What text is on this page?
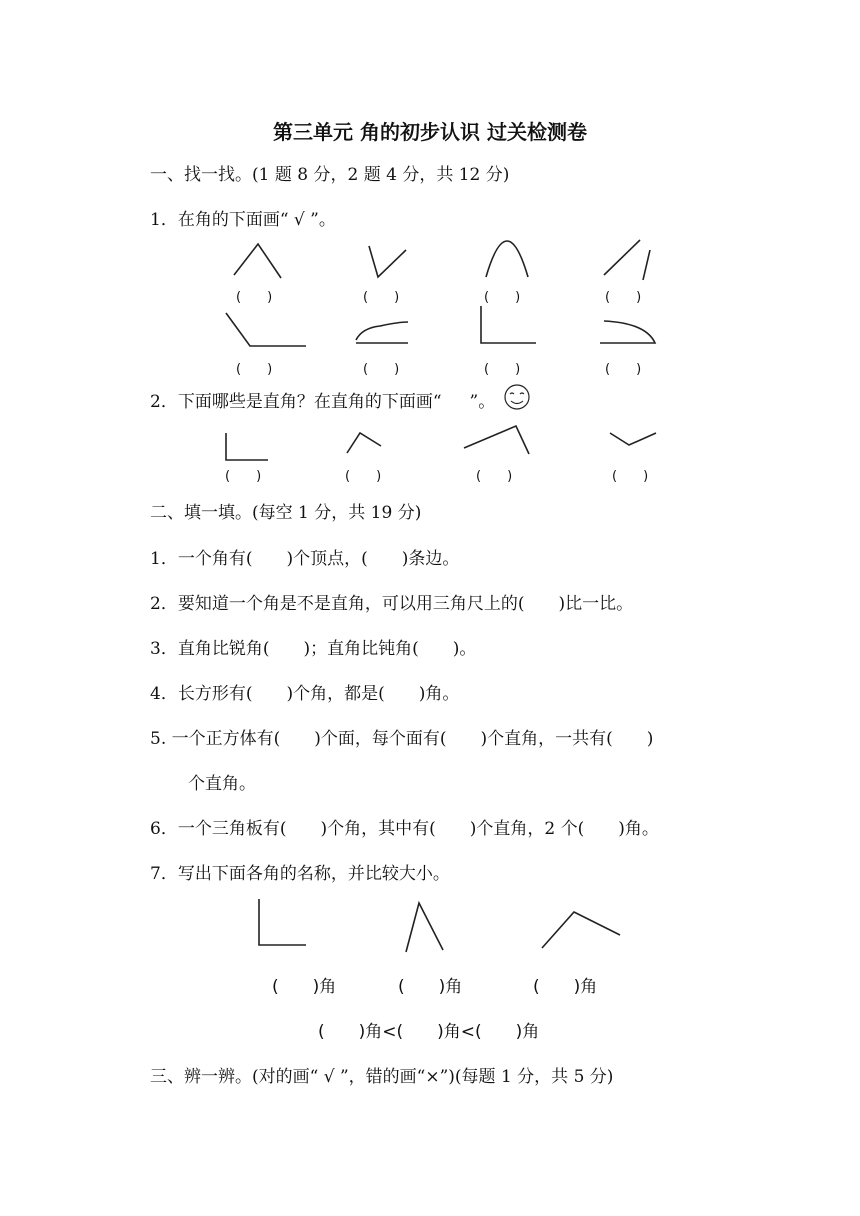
第三单元 角的初步认识 过关检测卷
一、找一找。(1 题 8 分，2 题 4 分，共 12 分)
1．在角的下面画“ √ ”。
(　　)	(　　)	(　　)	(　　)
(　　)	(　　)	(　　)	(　　)
2．下面哪些是直角？在直角的下面画“ ”。
(　　)	(　　)	(　　)	(　　)
二、填一填。(每空 1 分，共 19 分)
1．一个角有(　　)个顶点，(　　)条边。
2．要知道一个角是不是直角，可以用三角尺上的(　　)比一比。
3．直角比锐角(　　)；直角比钝角(　　)。
4．长方形有(　　)个角，都是(　　)角。
5. 一个正方体有(　　)个面，每个面有(　　)个直角，一共有(　　)
个直角。
6．一个三角板有(　　)个角，其中有(　　)个直角，2 个(　　)角。
7．写出下面各角的名称，并比较大小。
(　　)角	(　　)角	(　　)角
(　　)角<(　　)角<(　　)角
三、辨一辨。(对的画“ √ ”，错的画“×”)(每题 1 分，共 5 分)
